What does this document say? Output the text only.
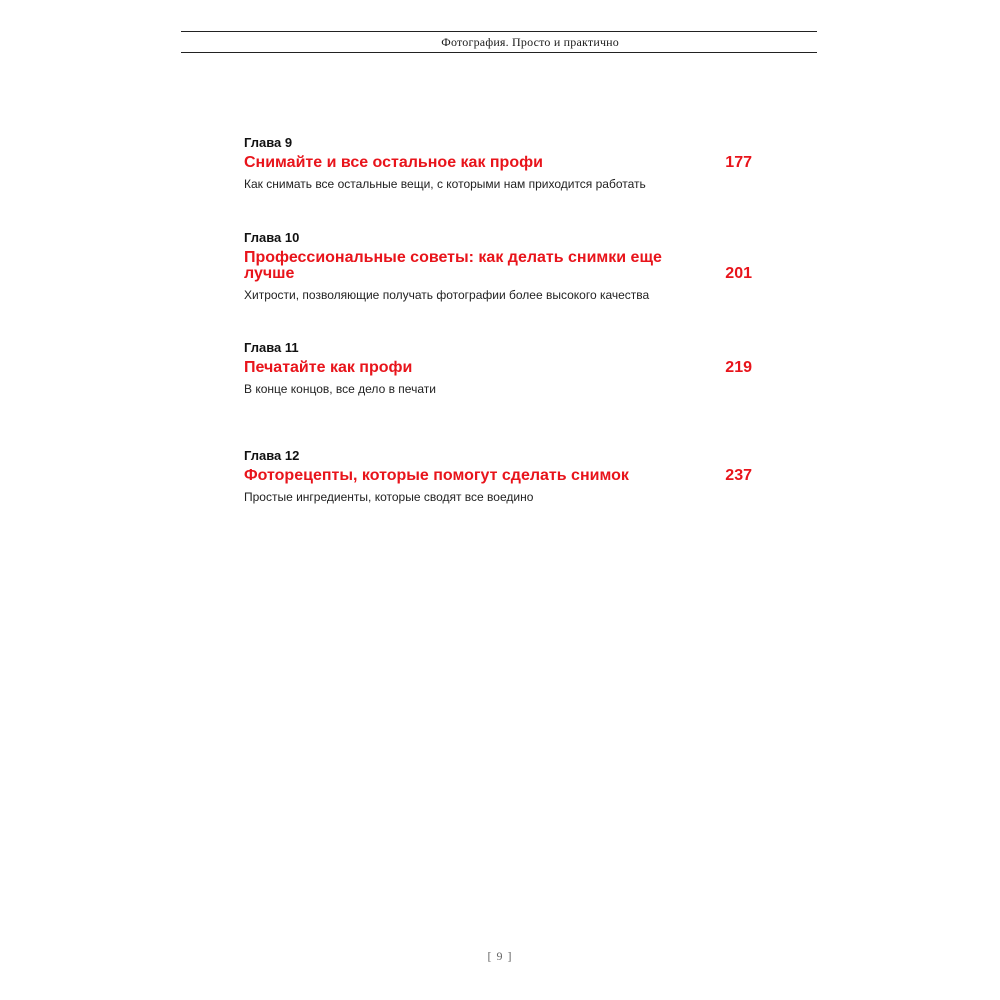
Фотография. Просто и практично
Глава 9
Снимайте и все остальное как профи	177
Как снимать все остальные вещи, с которыми нам приходится работать
Глава 10
Профессиональные советы: как делать снимки еще лучше	201
Хитрости, позволяющие получать фотографии более высокого качества
Глава 11
Печатайте как профи	219
В конце концов, все дело в печати
Глава 12
Фоторецепты, которые помогут сделать снимок	237
Простые ингредиенты, которые сводят все воедино
[ 9 ]
